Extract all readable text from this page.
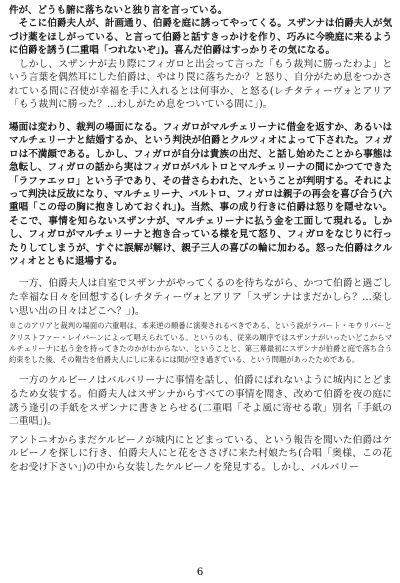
件が、どうも腑に落ちないと独り言を言っている。
　そこに伯爵夫人が、計画通り、伯爵を庭に誘ってやってくる。スザンナは伯爵夫人が気づけ薬をほしがっている、と言って伯爵と話すきっかけを作り、巧みに今晩庭に来るように伯爵を誘う(二重唱「つれないぞ」)。喜んだ伯爵はすっかりその気になる。

　しかし、スザンナが去り際にフィガロと出会って言った「もう裁判に勝ったわよ」という言葉を偶然耳にした伯爵は、やはり罠に落ちたか？と怒り、自分がため息をつかされている間に召使が幸福を手に入れるとは何事か、と怒る(レチタティーヴォとアリア「もう裁判に勝った？…わしがため息をついている間に」)。

場面は変わり、裁判の場面になる。フィガロがマルチェリーナに借金を返すか、あるいはマルチェリーナと結婚するか、という判決が伯爵とクルツィオによって下された。フィガロは不満顔である。しかし、フィガロが自分は貴族の出だ、と話し始めたことから事態は急転し、フィガロの話から実はフィガロがバルトロとマルチェリーナの間にかつてできた「ラファエッロ」という子であり、その昔さらわれた、ということが判明する。それによって判決は反故になり、マルチェリーナ、バルトロ、フィガロは親子の再会を喜び合う(六重唱「この母の胸に抱きしめておくれ」)。当然、事の成り行きに伯爵は怒りを隠せない。そこで、事情を知らないスザンナが、マルチェリーナに払う金を工面して現れる。しかし、フィガロがマルチェリーナと抱き合っている様を見て怒り、フィガロをなじりに行ったりしてしまうが、すぐに誤解が解け、親子三人の喜びの輪に加わる。怒った伯爵はクルツィオとともに退場する。

　一方、伯爵夫人は自室でスザンナがやってくるのを待ちながら、かつて伯爵と過ごした幸福な日々を回想する(レチタティーヴォとアリア「スザンナはまだかしら？…楽しい思い出の日々はどこへ？」)。

※このアリアと裁判の場面の六重唱は、本来逆の順番に演奏されるべきである、という説がラバート・モウリバーとクリストファー・レイバーンによって唱えられている。というのも、従来の順序ではスザンナがいったいどこからマルチェリーナに払う金を持ってきたのかがわからない、ということと、第三幕最初にスザンナが伯爵と庭で落ち合う約束をした後、その報告を伯爵夫人にしに来るには間が空き過ぎている、という問題があったためである。

　一方のケルビーノはバルバリーナに事情を話し、伯爵にばれないように城内にとどまるため女装する。伯爵夫人はスザンナからすべての事情を聞き、改めて伯爵を夜の庭に誘う逢引の手紙をスザンナに書きとらせる(二重唱「そよ風に寄せる歌」別名「手紙の二重唱」)。

アントニオからまだケルビーノが城内にとどまっている、という報告を聞いた伯爵はケルビーノを探しに行き、伯爵夫人にと花をささげに来た村娘たち(合唱「奥様、この花をお受け下さい」)の中から女装したケルビーノを発見する。しかし、バルバリー

6
